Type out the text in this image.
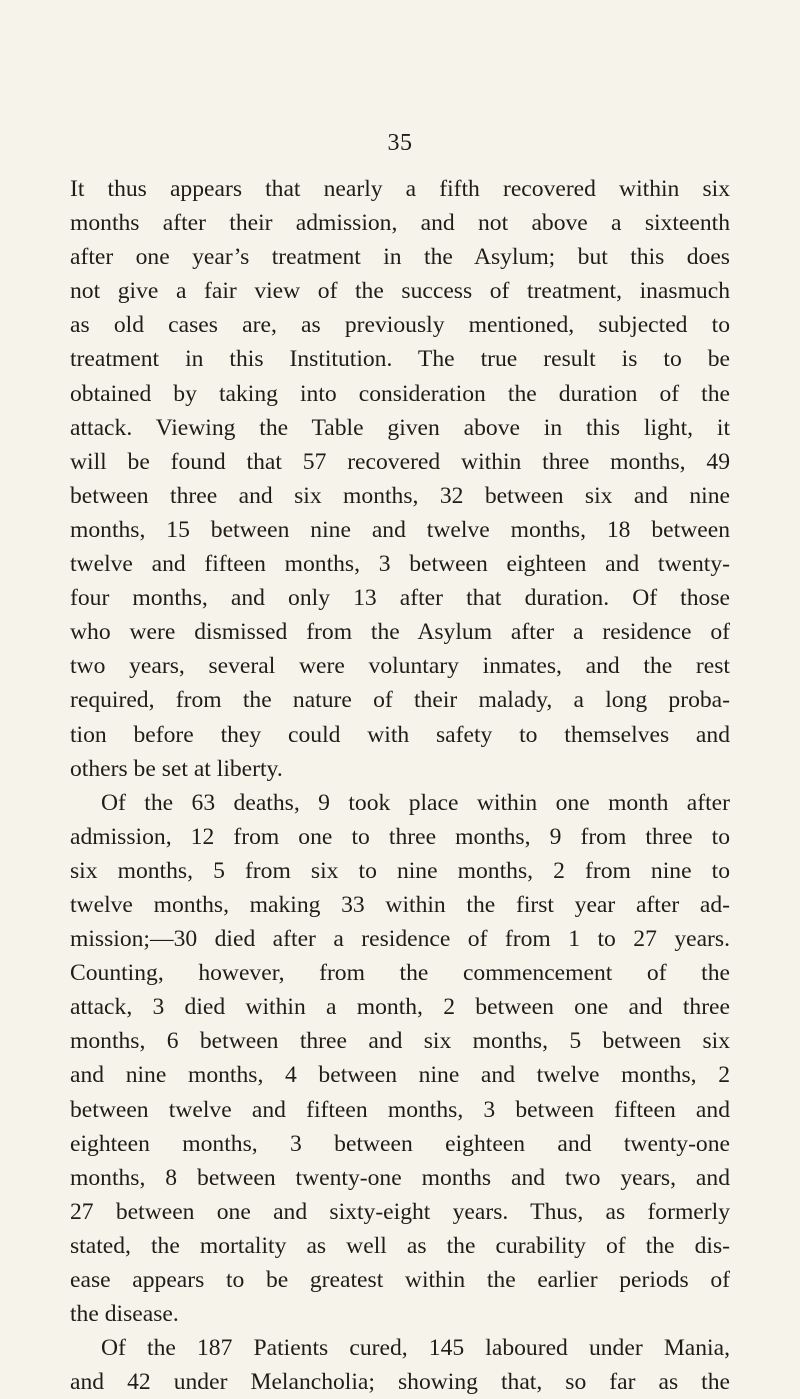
35
It thus appears that nearly a fifth recovered within six
months after their admission, and not above a sixteenth
after one year’s treatment in the Asylum; but this does
not give a fair view of the success of treatment, inasmuch
as old cases are, as previously mentioned, subjected to
treatment in this Institution. The true result is to be
obtained by taking into consideration the duration of the
attack. Viewing the Table given above in this light, it
will be found that 57 recovered within three months, 49
between three and six months, 32 between six and nine
months, 15 between nine and twelve months, 18 between
twelve and fifteen months, 3 between eighteen and twenty-
four months, and only 13 after that duration. Of those
who were dismissed from the Asylum after a residence of
two years, several were voluntary inmates, and the rest
required, from the nature of their malady, a long proba-
tion before they could with safety to themselves and
others be set at liberty.
Of the 63 deaths, 9 took place within one month after
admission, 12 from one to three months, 9 from three to
six months, 5 from six to nine months, 2 from nine to
twelve months, making 33 within the first year after ad-
mission;—30 died after a residence of from 1 to 27 years.
Counting, however, from the commencement of the
attack, 3 died within a month, 2 between one and three
months, 6 between three and six months, 5 between six
and nine months, 4 between nine and twelve months, 2
between twelve and fifteen months, 3 between fifteen and
eighteen months, 3 between eighteen and twenty-one
months, 8 between twenty-one months and two years, and
27 between one and sixty-eight years. Thus, as formerly
stated, the mortality as well as the curability of the dis-
ease appears to be greatest within the earlier periods of
the disease.
Of the 187 Patients cured, 145 laboured under Mania,
and 42 under Melancholia; showing that, so far as the
